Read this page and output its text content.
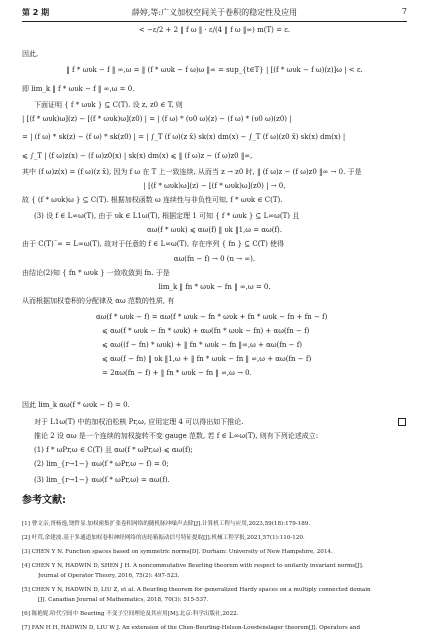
第 2 期	薛婷,等:广义加权空间关于卷积的稳定性及应用	7
< −ε/2 + 2 ‖ f ω ‖ · ε/(4 ‖ f ω ‖∞) m(T) = ε.
因此,
‖ f * ωυk − f ‖ ∞,ω = ‖ (f * ωυk − f ω)ω ‖∞ = sup_{t∈T} | [(f * ωυk − f ω)(z)]ω | < ε.
即 lim_k ‖ f * ωυk − f ‖ ∞,ω = 0.
下面证明 { f * ωυk } ⊆ C(T). 设 z, z0 ∈ T, 则
| [(f * ωυk)ω](z) − [(f * ωυk)ω](z0) | = | (f ω) * (υ0 ω)(z) − (f ω) * (υ0 ω)(z0) |
= | (f ω) * sk(z) − (f ω) * sk(z0) | = | ∫_T (f ω)(z x̄) sk(x) dm(x) − ∫_T (f ω)(z0 x̄) sk(x) dm(x) |
⩽ ∫_T | (f ω)z(x) − (f ω)z0(x) | sk(x) dm(x) ⩽ ‖ (f ω)z − (f ω)z0 ‖∞,
其中 (f ω)z(x) = (f ω)(z x̄), 因为 f ω 在 T 上一致连续, 从而当 z → z0 时, ‖ (f ω)z − (f ω)z0 ‖∞ → 0. 于是
| [(f * ωυk)ω](z) − [(f * ωυk)ω](z0) | → 0,
故 { (f * ωυk)ω } ⊆ C(T). 根据加权函数 ω 连续性与非负性可知, f * ωυk ∈ C(T).
(3) 设 f ∈ L∞ω(T), 由于 υk ∈ L1ω(T), 根据定理 1 可知 { f * ωυk } ⊆ L∞ω(T) 且
αω(f * ωυk) ⩽ αω(f) ‖ υk ‖1,ω = αω(f).
由于 C(T)‾∞ = L∞ω(T), 故对于任意的 f ∈ L∞ω(T), 存在序列 { fn } ⊆ C(T) 使得
αω(fn − f) → 0 (n → ∞).
由结论(2)知 { fn * ωυk } 一致收敛到 fn. 于是
lim_k ‖ fn * ωυk − fn ‖ ∞,ω = 0.
从而根据加权卷积的分配律及 αω 范数的性质, 有
αω(f * ωυk − f) = αω(f * ωυk − fn * ωυk + fn * ωυk − fn + fn − f)
⩽ αω(f * ωυk − fn * ωυk) + αω(fn * ωυk − fn) + αω(fn − f)
⩽ αω((f − fn) * ωυk) + ‖ fn * ωυk − fn ‖∞,ω + αω(fn − f)
⩽ αω(f − fn) ‖ υk ‖1,ω + ‖ fn * ωυk − fn ‖ ∞,ω + αω(fn − f)
= 2αω(fn − f) + ‖ fn * ωυk − fn ‖ ∞,ω → 0.
因此 lim_k αω(f * ωυk − f) = 0.
对于 L1ω(T) 中的加权泊松核 Pr,ω, 应用定理 4 可以得出如下推论.
推论 2 设 αω 是一个连续的加权旋转不变 gauge 范数, 若 f ∈ L∞ω(T), 则有下列论述成立:
(1) f * ωPr,ω ∈ C(T) 且 αω(f * ωPr,ω) ⩽ αω(f);
(2) lim_{r→1−} αω(f * ωPr,ω − f) = 0;
(3) lim_{r→1−} αω(f * ωPr,ω) = αω(f).
参考文献:
[1] 曹文亲,胥杨逸,饶哲显.加权密集扩张卷积网络的随机脉冲噪声去除[J].计算机工程与应用,2023,59(18):179-189.
[2] 叶茸,余建波.基于多通道加权卷积神经网络的齿轮箱振动信号特征提取[J].机械工程学报,2021,57(1):110-120.
[3] CHEN Y N. Function spaces based on symmetric norms[D]. Durham: University of New Hampshire, 2014.
[4] CHEN Y N, HADWIN D, SHEN J H. A noncommutative Beurling theorem with respect to unitarily invariant norms[J].
Journal of Operator Theory, 2016, 75(2): 497-523.
[5] CHEN Y N, HADWIN D, LIU Z, et al. A Beurling theorem for generalized Hardy spaces on a multiply connected domain
[J]. Canadian Journal of Mathematics, 2018, 70(3): 515-537.
[6] 陈艳妮.哈代空间中 Beurling 不变子空间理论及其应用[M].北京:科学出版社,2022.
[7] FAN H H, HADWIN D, LIU W J. An extension of the Chen-Beurling-Helson-Lowdenslager theorem[J]. Operators and
